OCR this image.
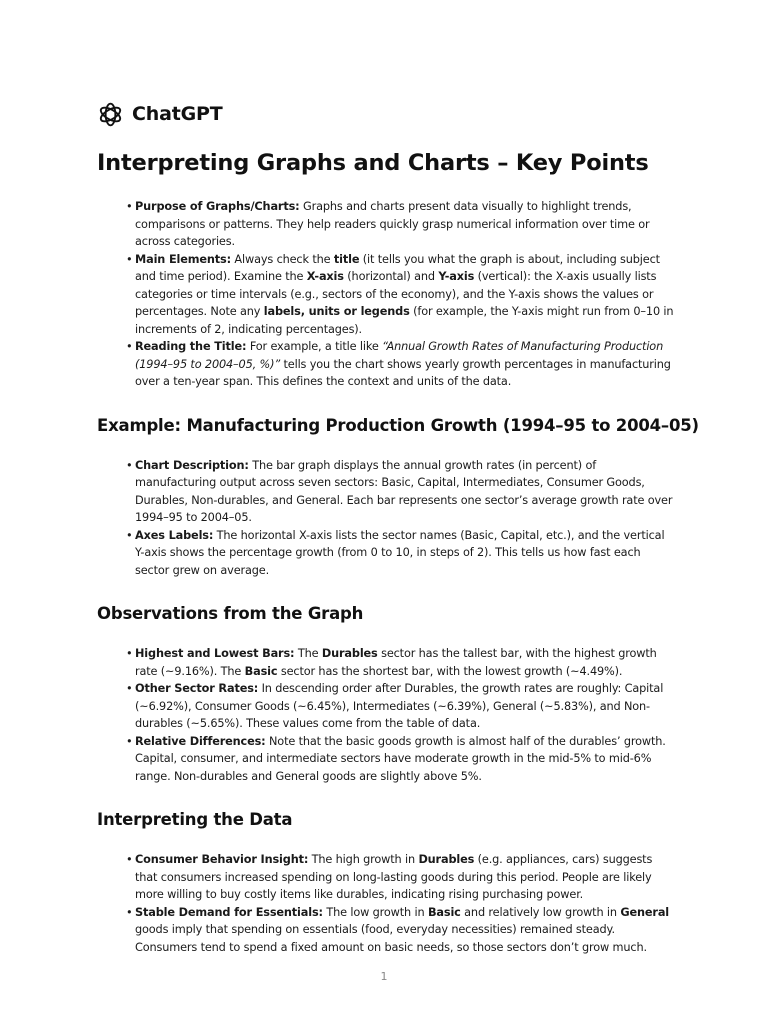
ChatGPT
Interpreting Graphs and Charts – Key Points
• Purpose of Graphs/Charts: Graphs and charts present data visually to highlight trends, comparisons or patterns. They help readers quickly grasp numerical information over time or across categories.
• Main Elements: Always check the title (it tells you what the graph is about, including subject and time period). Examine the X-axis (horizontal) and Y-axis (vertical): the X-axis usually lists categories or time intervals (e.g., sectors of the economy), and the Y-axis shows the values or percentages. Note any labels, units or legends (for example, the Y-axis might run from 0–10 in increments of 2, indicating percentages).
• Reading the Title: For example, a title like “Annual Growth Rates of Manufacturing Production (1994–95 to 2004–05, %)” tells you the chart shows yearly growth percentages in manufacturing over a ten-year span. This defines the context and units of the data.
Example: Manufacturing Production Growth (1994–95 to 2004–05)
• Chart Description: The bar graph displays the annual growth rates (in percent) of manufacturing output across seven sectors: Basic, Capital, Intermediates, Consumer Goods, Durables, Non-durables, and General. Each bar represents one sector’s average growth rate over 1994–95 to 2004–05.
• Axes Labels: The horizontal X-axis lists the sector names (Basic, Capital, etc.), and the vertical Y-axis shows the percentage growth (from 0 to 10, in steps of 2). This tells us how fast each sector grew on average.
Observations from the Graph
• Highest and Lowest Bars: The Durables sector has the tallest bar, with the highest growth rate (~9.16%). The Basic sector has the shortest bar, with the lowest growth (~4.49%).
• Other Sector Rates: In descending order after Durables, the growth rates are roughly: Capital (~6.92%), Consumer Goods (~6.45%), Intermediates (~6.39%), General (~5.83%), and Non-durables (~5.65%). These values come from the table of data.
• Relative Differences: Note that the basic goods growth is almost half of the durables’ growth. Capital, consumer, and intermediate sectors have moderate growth in the mid-5% to mid-6% range. Non-durables and General goods are slightly above 5%.
Interpreting the Data
• Consumer Behavior Insight: The high growth in Durables (e.g. appliances, cars) suggests that consumers increased spending on long-lasting goods during this period. People are likely more willing to buy costly items like durables, indicating rising purchasing power.
• Stable Demand for Essentials: The low growth in Basic and relatively low growth in General goods imply that spending on essentials (food, everyday necessities) remained steady. Consumers tend to spend a fixed amount on basic needs, so those sectors don’t grow much.
1
